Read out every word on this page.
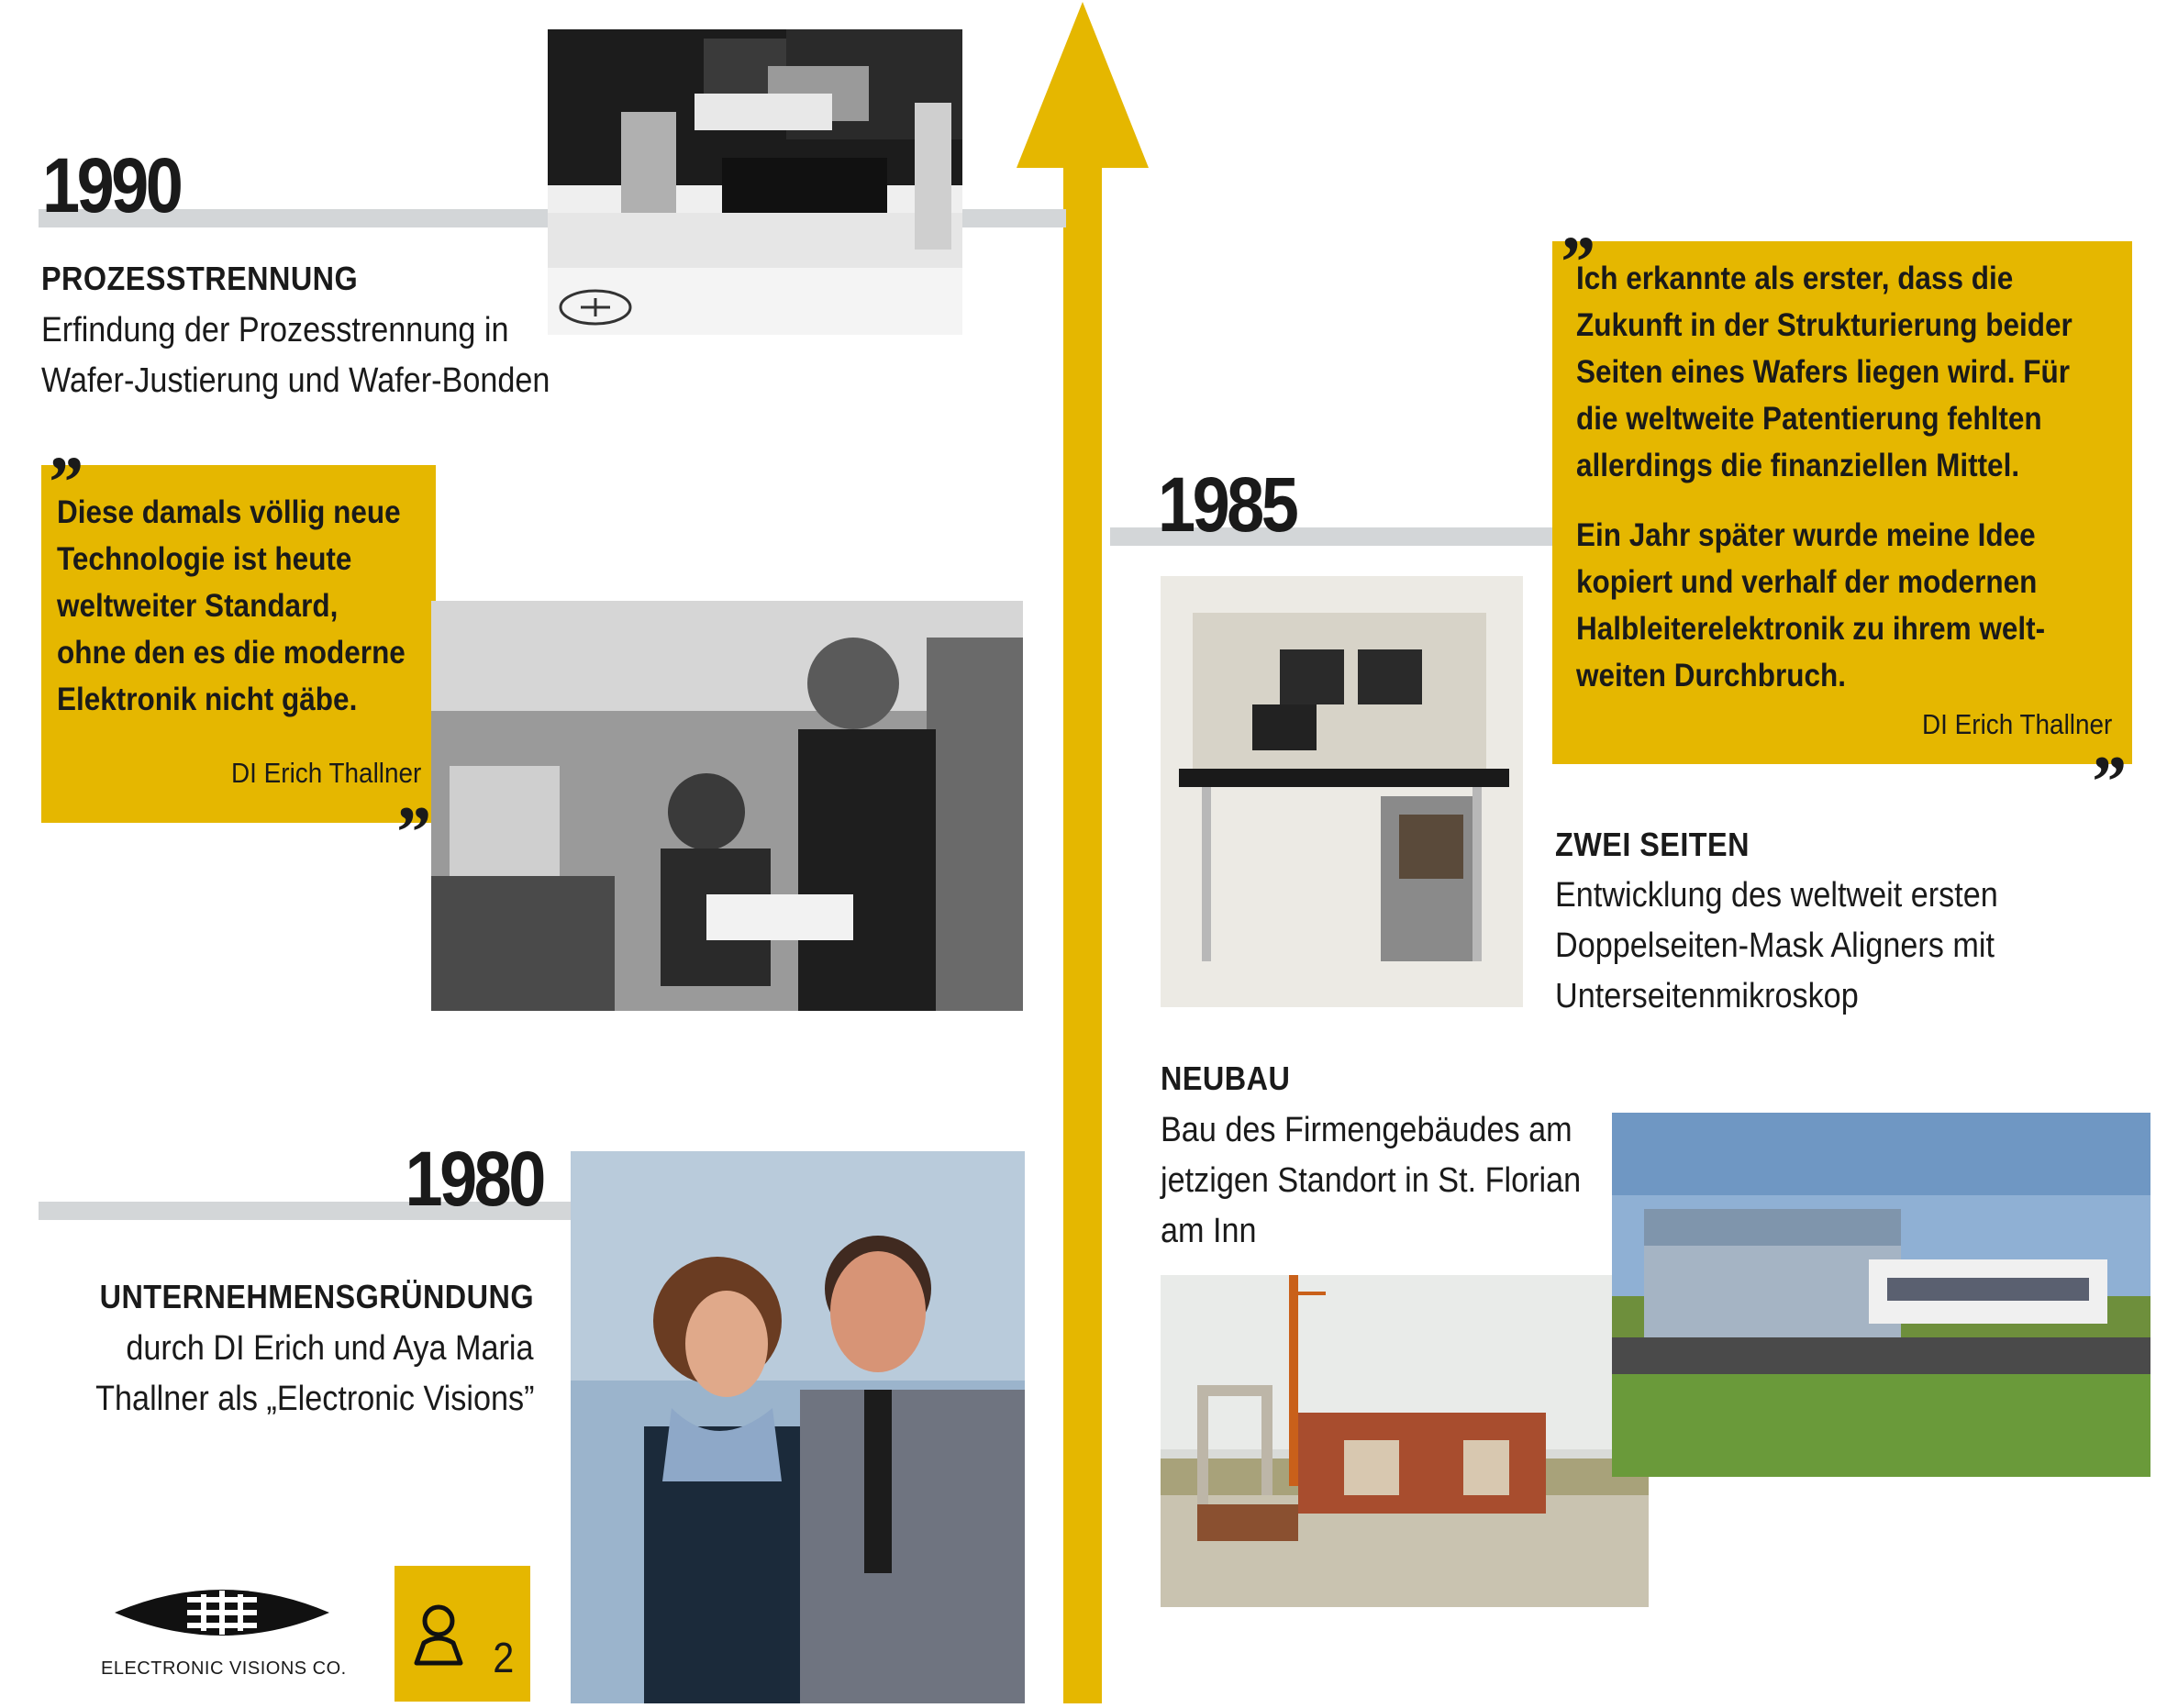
1990
PROZESSTRENNUNG
Erfindung der Prozesstrennung in
Wafer-Justierung und Wafer-Bonden
„
Diese damals völlig neue
Technologie ist heute
weltweiter Standard,
ohne den es die moderne
Elektronik nicht gäbe.
DI Erich Thallner
”
1980
UNTERNEHMENSGRÜNDUNG
durch DI Erich und Aya Maria
Thallner als „Electronic Visions”
ELECTRONIC VISIONS CO.	2
1985
„
Ich erkannte als erster, dass die
Zukunft in der Strukturierung beider
Seiten eines Wafers liegen wird. Für
die weltweite Patentierung fehlten
allerdings die finanziellen Mittel.
Ein Jahr später wurde meine Idee
kopiert und verhalf der modernen
Halbleiterelektronik zu ihrem welt-
weiten Durchbruch.
DI Erich Thallner
”
ZWEI SEITEN
Entwicklung des weltweit ersten
Doppelseiten-Mask Aligners mit
Unterseitenmikroskop
NEUBAU
Bau des Firmengebäudes am
jetzigen Standort in St. Florian
am Inn
